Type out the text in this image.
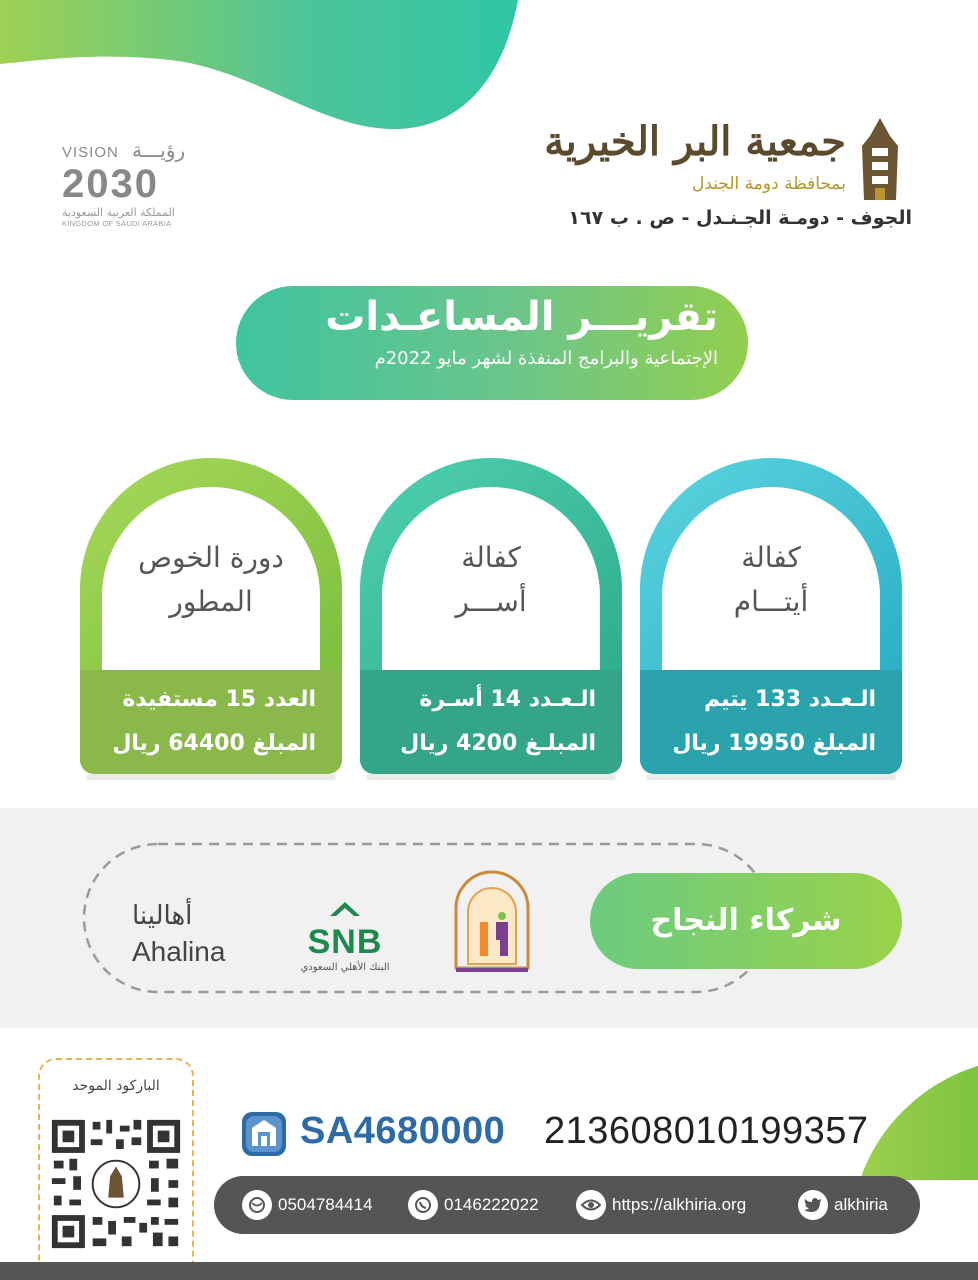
VISION رؤيـــة
2030
المملكة العربية السعودية
KINGDOM OF SAUDI ARABIA
جمعية البر الخيرية
بمحافظة دومة الجندل
الجوف - دومـة الجـنـدل - ص . ب ١٦٧
تقريـــر المساعـدات
الإجتماعية والبرامج المنفذة لشهر مايو 2022م
كفالة
أيتـــام
الـعـدد 133 يتيم
المبلغ 19950 ريال
كفالة
أســـر
الـعـدد 14 أسـرة
المبلـغ 4200 ريال
دورة الخوص
المطور
العدد 15 مستفيدة
المبلغ 64400 ريال
أهالينا
Ahalina	SNB
البنك الأهلي السعودي
شركاء النجاح
الباركود الموحد
SA4680000 213608010199357
0504784414	0146222022	https://alkhiria.org	alkhiria
